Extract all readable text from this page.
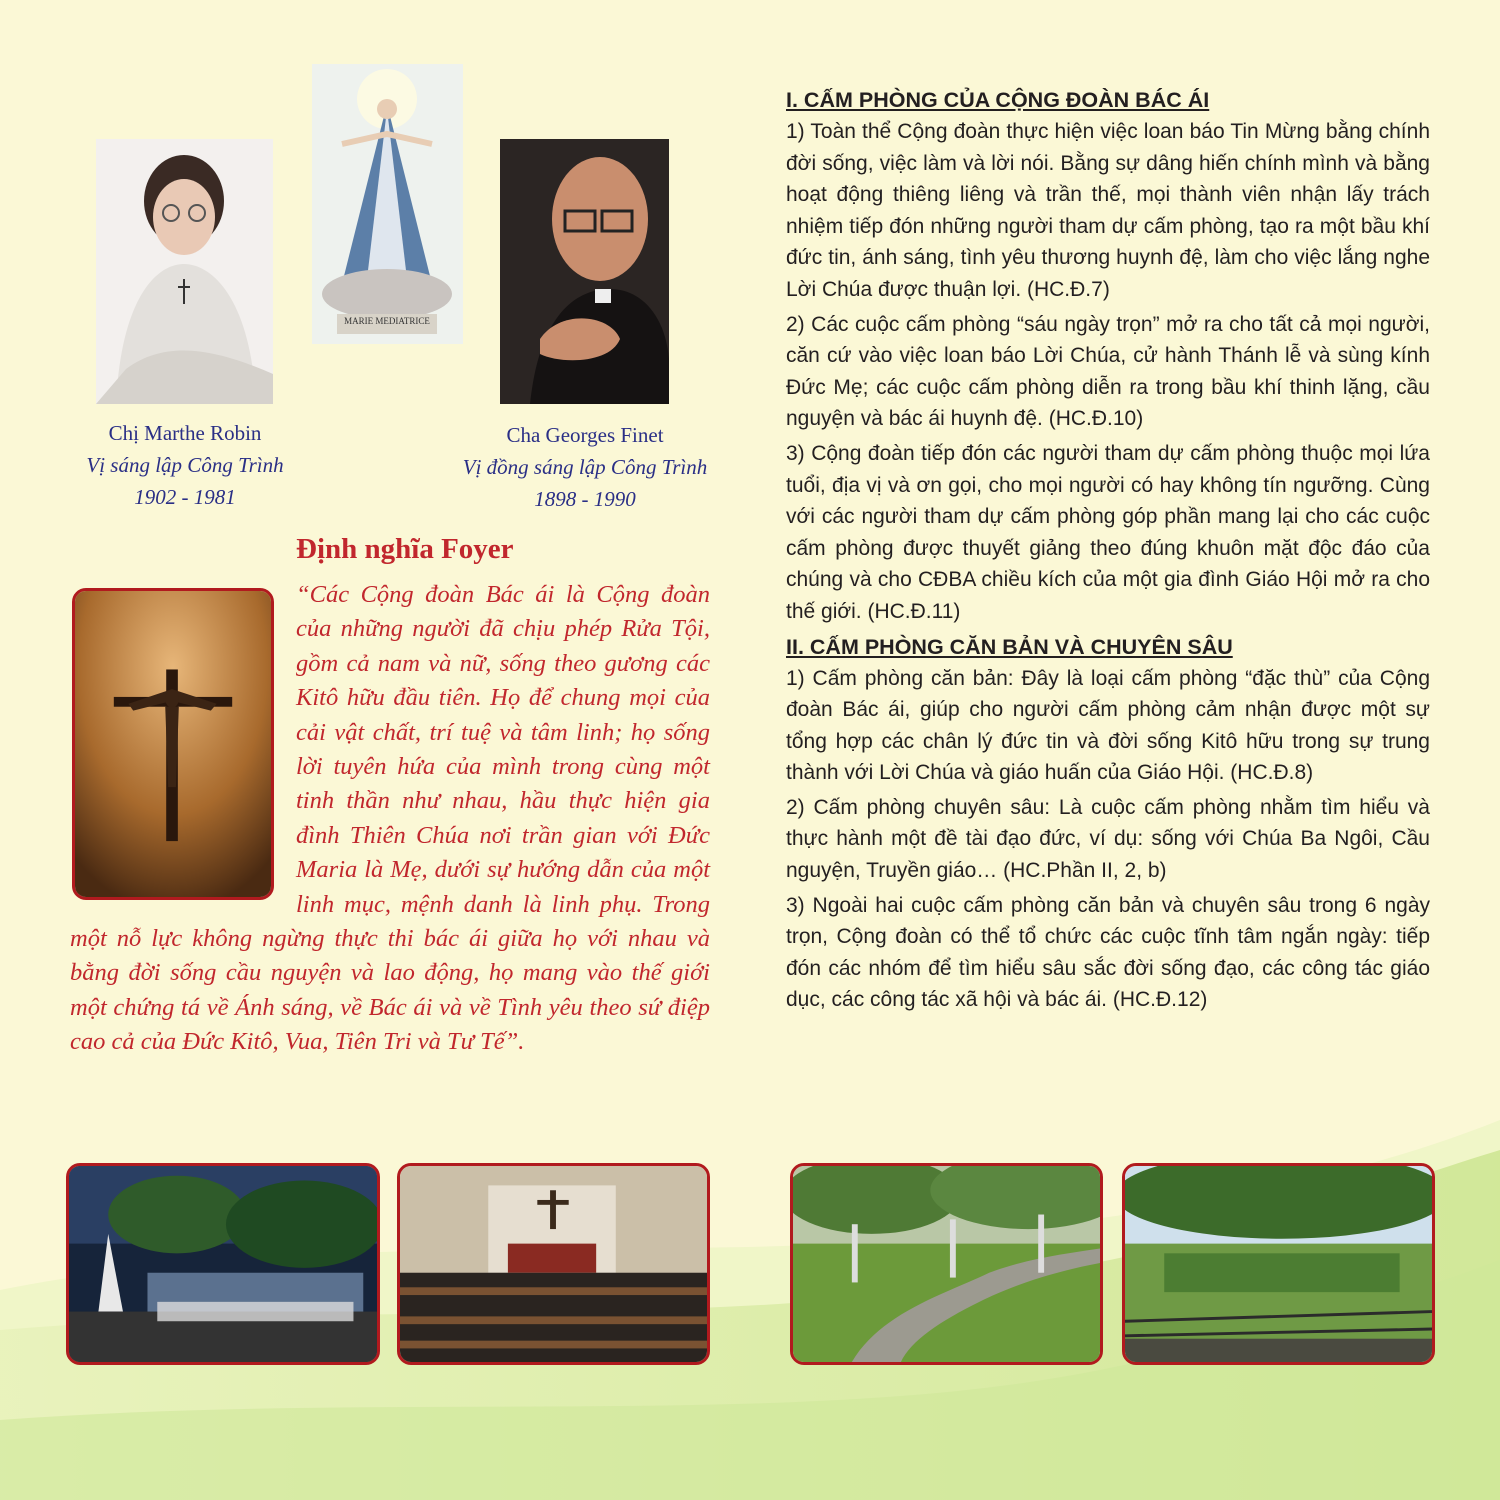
MARIE MEDIATRICE
Chị Marthe Robin
Vị sáng lập Công Trình
1902 - 1981
Cha Georges Finet
Vị đồng sáng lập Công Trình
1898 - 1990
Định nghĩa Foyer

“Các Cộng đoàn Bác ái là Cộng đoàn của những người đã chịu phép Rửa Tội, gồm cả nam và nữ, sống theo gương các Kitô hữu đầu tiên. Họ để chung mọi của cải vật chất, trí tuệ và tâm linh; họ sống lời tuyên hứa của mình trong cùng một tinh thần như nhau, hầu thực hiện gia đình Thiên Chúa nơi trần gian với Đức Maria là Mẹ, dưới sự hướng dẫn của một linh mục, mệnh danh là linh phụ. Trong một nỗ lực không ngừng thực thi bác ái giữa họ với nhau và bằng đời sống cầu nguyện và lao động, họ mang vào thế giới một chứng tá về Ánh sáng, về Bác ái và về Tình yêu theo sứ điệp cao cả của Đức Kitô, Vua, Tiên Tri và Tư Tế”.

I. CẤM PHÒNG CỦA CỘNG ĐOÀN BÁC ÁI

1) Toàn thể Cộng đoàn thực hiện việc loan báo Tin Mừng bằng chính đời sống, việc làm và lời nói. Bằng sự dâng hiến chính mình và bằng hoạt động thiêng liêng và trần thế, mọi thành viên nhận lấy trách nhiệm tiếp đón những người tham dự cấm phòng, tạo ra một bầu khí đức tin, ánh sáng, tình yêu thương huynh đệ, làm cho việc lắng nghe Lời Chúa được thuận lợi. (HC.Đ.7)

2) Các cuộc cấm phòng “sáu ngày trọn” mở ra cho tất cả mọi người, căn cứ vào việc loan báo Lời Chúa, cử hành Thánh lễ và sùng kính Đức Mẹ; các cuộc cấm phòng diễn ra trong bầu khí thinh lặng, cầu nguyện và bác ái huynh đệ. (HC.Đ.10)

3) Cộng đoàn tiếp đón các người tham dự cấm phòng thuộc mọi lứa tuổi, địa vị và ơn gọi, cho mọi người có hay không tín ngưỡng. Cùng với các người tham dự cấm phòng góp phần mang lại cho các cuộc cấm phòng được thuyết giảng theo đúng khuôn mặt độc đáo của chúng và cho CĐBA chiều kích của một gia đình Giáo Hội mở ra cho thế giới. (HC.Đ.11)

II. CẤM PHÒNG CĂN BẢN VÀ CHUYÊN SÂU

1) Cấm phòng căn bản: Đây là loại cấm phòng “đặc thù” của Cộng đoàn Bác ái, giúp cho người cấm phòng cảm nhận được một sự tổng hợp các chân lý đức tin và đời sống Kitô hữu trong sự trung thành với Lời Chúa và giáo huấn của Giáo Hội. (HC.Đ.8)

2) Cấm phòng chuyên sâu: Là cuộc cấm phòng nhằm tìm hiểu và thực hành một đề tài đạo đức, ví dụ: sống với Chúa Ba Ngôi, Cầu nguyện, Truyền giáo… (HC.Phần II, 2, b)

3) Ngoài hai cuộc cấm phòng căn bản và chuyên sâu trong 6 ngày trọn, Cộng đoàn có thể tổ chức các cuộc tĩnh tâm ngắn ngày: tiếp đón các nhóm để tìm hiểu sâu sắc đời sống đạo, các công tác giáo dục, các công tác xã hội và bác ái. (HC.Đ.12)
